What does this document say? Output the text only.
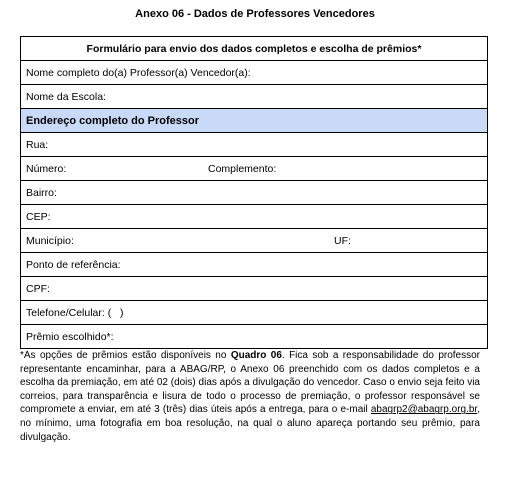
Anexo 06 - Dados de Professores Vencedores
Formulário para envio dos dados completos e escolha de prêmios*
Nome completo do(a) Professor(a) Vencedor(a):
Nome da Escola:
Endereço completo do Professor
Rua:

Número:	Complemento:

Bairro:
CEP:

Município:	UF:

Ponto de referência:
CPF:
Telefone/Celular: (   )
Prêmio escolhido*:
*As opções de prêmios estão disponíveis no Quadro 06. Fica sob a responsabilidade do professor representante encaminhar, para a ABAG/RP, o Anexo 06 preenchido com os dados completos e a escolha da premiação, em até 02 (dois) dias após a divulgação do vencedor. Caso o envio seja feito via correios, para transparência e lisura de todo o processo de premiação, o professor responsável se compromete a enviar, em até 3 (três) dias úteis após a entrega, para o e-mail abagrp2@abagrp.org.br, no mínimo, uma fotografia em boa resolução, na qual o aluno apareça portando seu prêmio, para divulgação.
